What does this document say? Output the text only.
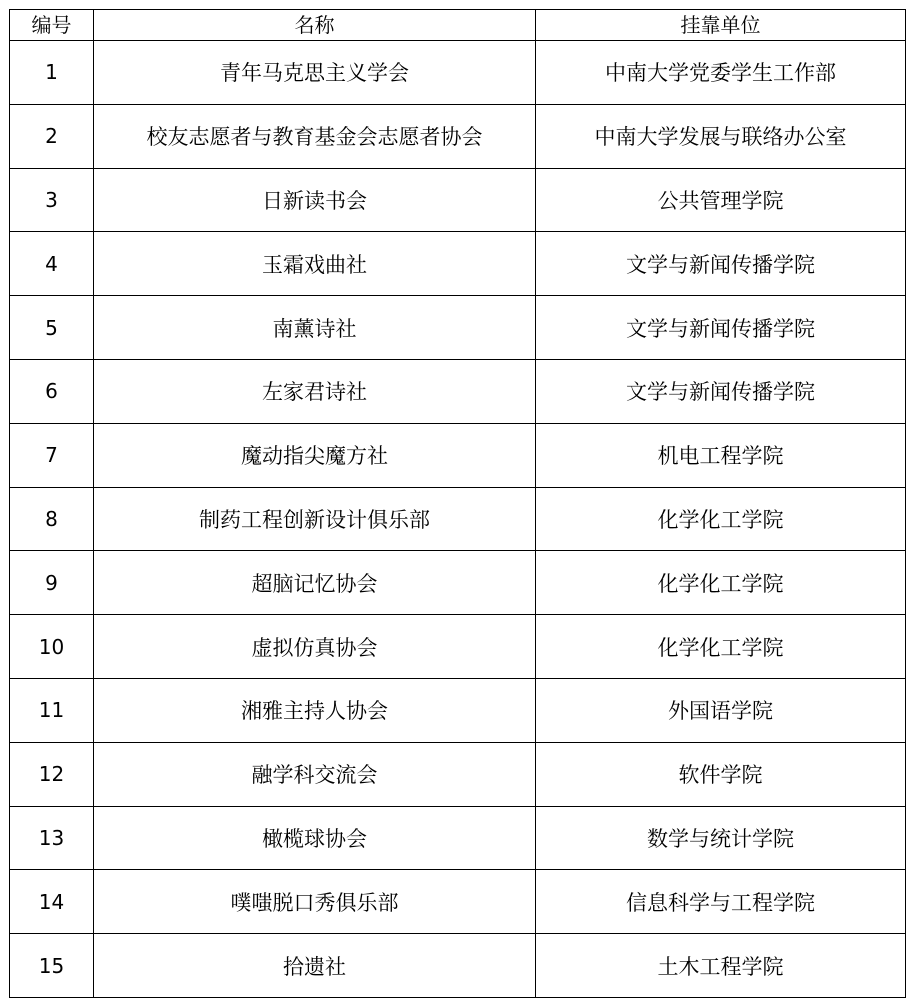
编号	名称	挂靠单位
1	青年马克思主义学会	中南大学党委学生工作部
2	校友志愿者与教育基金会志愿者协会	中南大学发展与联络办公室
3	日新读书会	公共管理学院
4	玉霜戏曲社	文学与新闻传播学院
5	南薰诗社	文学与新闻传播学院
6	左家君诗社	文学与新闻传播学院
7	魔动指尖魔方社	机电工程学院
8	制药工程创新设计俱乐部	化学化工学院
9	超脑记忆协会	化学化工学院
10	虚拟仿真协会	化学化工学院
11	湘雅主持人协会	外国语学院
12	融学科交流会	软件学院
13	橄榄球协会	数学与统计学院
14	噗嗤脱口秀俱乐部	信息科学与工程学院
15	拾遗社	土木工程学院
